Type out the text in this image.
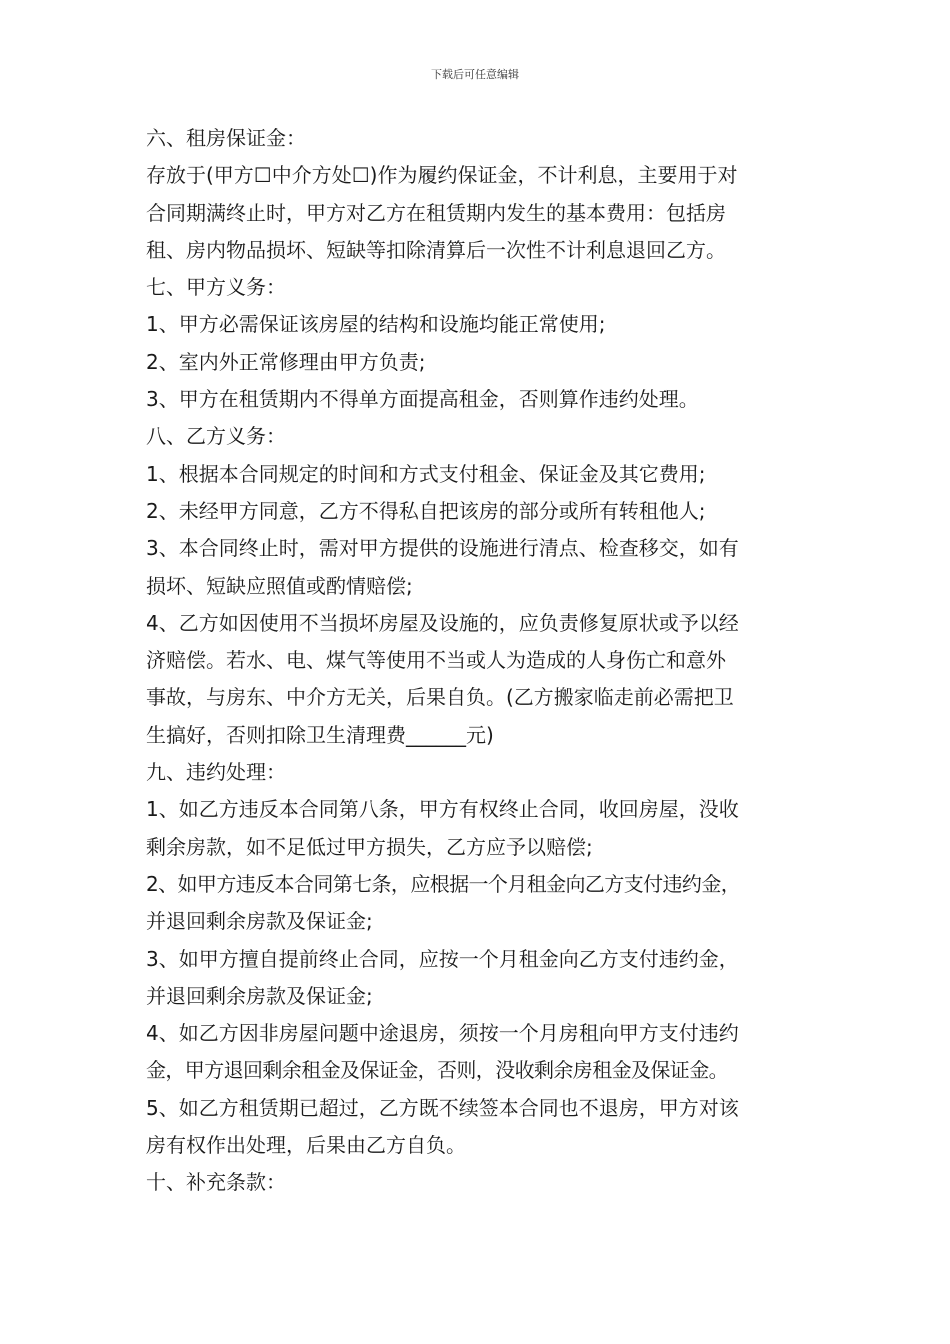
下载后可任意编辑
六、租房保证金：
存放于(甲方☐中介方处☐)作为履约保证金，不计利息，主要用于对
合同期满终止时，甲方对乙方在租赁期内发生的基本费用：包括房
租、房内物品损坏、短缺等扣除清算后一次性不计利息退回乙方。
七、甲方义务：
1、甲方必需保证该房屋的结构和设施均能正常使用;
2、室内外正常修理由甲方负责;
3、甲方在租赁期内不得单方面提高租金，否则算作违约处理。
八、乙方义务：
1、根据本合同规定的时间和方式支付租金、保证金及其它费用;
2、未经甲方同意，乙方不得私自把该房的部分或所有转租他人;
3、本合同终止时，需对甲方提供的设施进行清点、检查移交，如有
损坏、短缺应照值或酌情赔偿;
4、乙方如因使用不当损坏房屋及设施的，应负责修复原状或予以经
济赔偿。若水、电、煤气等使用不当或人为造成的人身伤亡和意外
事故，与房东、中介方无关，后果自负。(乙方搬家临走前必需把卫
生搞好，否则扣除卫生清理费______元)
九、违约处理：
1、如乙方违反本合同第八条，甲方有权终止合同，收回房屋，没收
剩余房款，如不足低过甲方损失，乙方应予以赔偿;
2、如甲方违反本合同第七条，应根据一个月租金向乙方支付违约金，
并退回剩余房款及保证金;
3、如甲方擅自提前终止合同，应按一个月租金向乙方支付违约金，
并退回剩余房款及保证金;
4、如乙方因非房屋问题中途退房，须按一个月房租向甲方支付违约
金，甲方退回剩余租金及保证金，否则，没收剩余房租金及保证金。
5、如乙方租赁期已超过，乙方既不续签本合同也不退房，甲方对该
房有权作出处理，后果由乙方自负。
十、补充条款：
